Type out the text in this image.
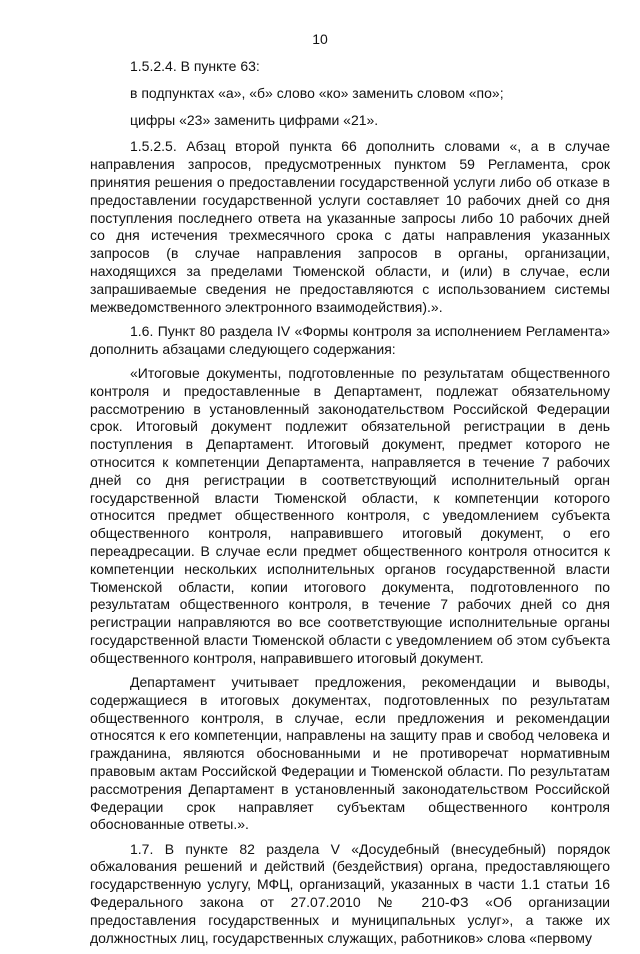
10

1.5.2.4. В пункте 63:

в подпунктах «а», «б» слово «ко» заменить словом «по»;

цифры «23» заменить цифрами «21».

1.5.2.5. Абзац второй пункта 66 дополнить словами «, а в случае направления запросов, предусмотренных пунктом 59 Регламента, срок принятия решения о предоставлении государственной услуги либо об отказе в предоставлении государственной услуги составляет 10 рабочих дней со дня поступления последнего ответа на указанные запросы либо 10 рабочих дней со дня истечения трехмесячного срока с даты направления указанных запросов (в случае направления запросов в органы, организации, находящихся за пределами Тюменской области, и (или) в случае, если запрашиваемые сведения не предоставляются с использованием системы межведомственного электронного взаимодействия).».

1.6. Пункт 80 раздела IV «Формы контроля за исполнением Регламента» дополнить абзацами следующего содержания:

«Итоговые документы, подготовленные по результатам общественного контроля и предоставленные в Департамент, подлежат обязательному рассмотрению в установленный законодательством Российской Федерации срок. Итоговый документ подлежит обязательной регистрации в день поступления в Департамент. Итоговый документ, предмет которого не относится к компетенции Департамента, направляется в течение 7 рабочих дней со дня регистрации в соответствующий исполнительный орган государственной власти Тюменской области, к компетенции которого относится предмет общественного контроля, с уведомлением субъекта общественного контроля, направившего итоговый документ, о его переадресации. В случае если предмет общественного контроля относится к компетенции нескольких исполнительных органов государственной власти Тюменской области, копии итогового документа, подготовленного по результатам общественного контроля, в течение 7 рабочих дней со дня регистрации направляются во все соответствующие исполнительные органы государственной власти Тюменской области с уведомлением об этом субъекта общественного контроля, направившего итоговый документ.

Департамент учитывает предложения, рекомендации и выводы, содержащиеся в итоговых документах, подготовленных по результатам общественного контроля, в случае, если предложения и рекомендации относятся к его компетенции, направлены на защиту прав и свобод человека и гражданина, являются обоснованными и не противоречат нормативным правовым актам Российской Федерации и Тюменской области. По результатам рассмотрения Департамент в установленный законодательством Российской Федерации срок направляет субъектам общественного контроля обоснованные ответы.».

1.7. В пункте 82 раздела V «Досудебный (внесудебный) порядок обжалования решений и действий (бездействия) органа, предоставляющего государственную услугу, МФЦ, организаций, указанных в части 1.1 статьи 16 Федерального закона от 27.07.2010 № 210-ФЗ «Об организации предоставления государственных и муниципальных услуг», а также их должностных лиц, государственных служащих, работников» слова «первому
